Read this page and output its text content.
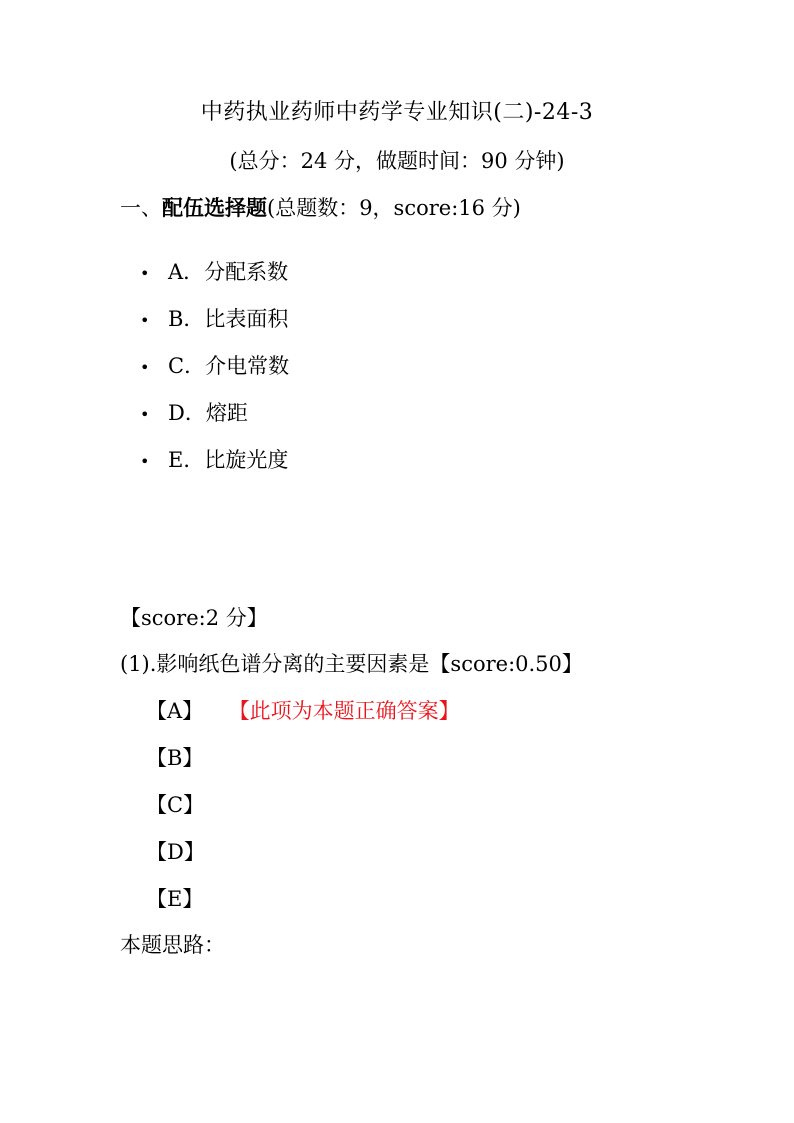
中药执业药师中药学专业知识(二)-24-3
(总分：24 分，做题时间：90 分钟)
一、配伍选择题(总题数：9，score:16 分)
• A．分配系数
• B．比表面积
• C．介电常数
• D．熔距
• E．比旋光度
【score:2 分】
(1).影响纸色谱分离的主要因素是【score:0.50】
【A】 【此项为本题正确答案】
【B】
【C】
【D】
【E】
本题思路：
